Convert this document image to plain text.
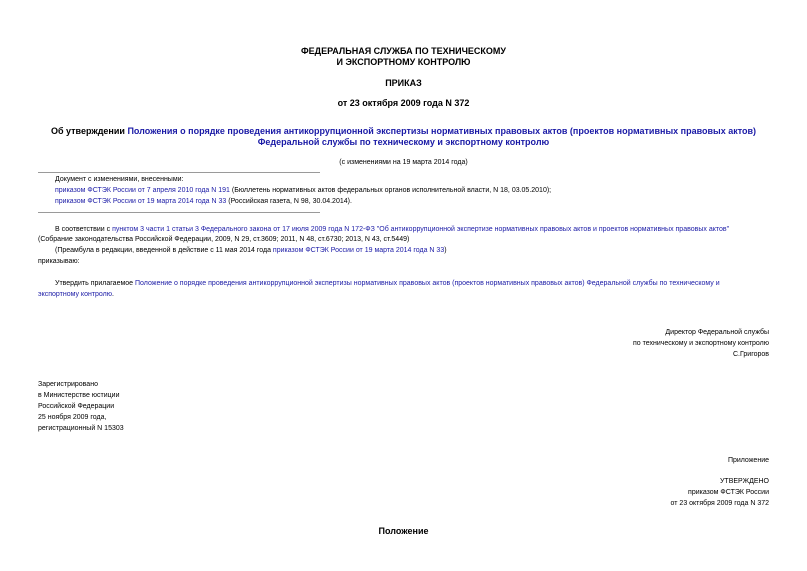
ФЕДЕРАЛЬНАЯ СЛУЖБА ПО ТЕХНИЧЕСКОМУ
И ЭКСПОРТНОМУ КОНТРОЛЮ
ПРИКАЗ
от 23 октября 2009 года N 372
Об утверждении Положения о порядке проведения антикоррупционной экспертизы нормативных правовых актов (проектов нормативных правовых актов)
Федеральной службы по техническому и экспортному контролю
(с изменениями на 19 марта 2014 года)
Документ с изменениями, внесенными:
приказом ФСТЭК России от 7 апреля 2010 года N 191 (Бюллетень нормативных актов федеральных органов исполнительной власти, N 18, 03.05.2010);
приказом ФСТЭК России от 19 марта 2014 года N 33 (Российская газета, N 98, 30.04.2014).
В соответствии с пунктом 3 части 1 статьи 3 Федерального закона от 17 июля 2009 года N 172-ФЗ "Об антикоррупционной экспертизе нормативных правовых актов и проектов нормативных правовых актов"
(Собрание законодательства Российской Федерации, 2009, N 29, ст.3609; 2011, N 48, ст.6730; 2013, N 43, ст.5449)
(Преамбула в редакции, введенной в действие с 11 мая 2014 года приказом ФСТЭК России от 19 марта 2014 года N 33)
приказываю:
Утвердить прилагаемое Положение о порядке проведения антикоррупционной экспертизы нормативных правовых актов (проектов нормативных правовых актов) Федеральной службы по техническому и
экспортному контролю.
Директор Федеральной службы
по техническому и экспортному контролю
С.Григоров
Зарегистрировано
в Министерстве юстиции
Российской Федерации
25 ноября 2009 года,
регистрационный N 15303
Приложение
УТВЕРЖДЕНО
приказом ФСТЭК России
от 23 октября 2009 года N 372
Положение
